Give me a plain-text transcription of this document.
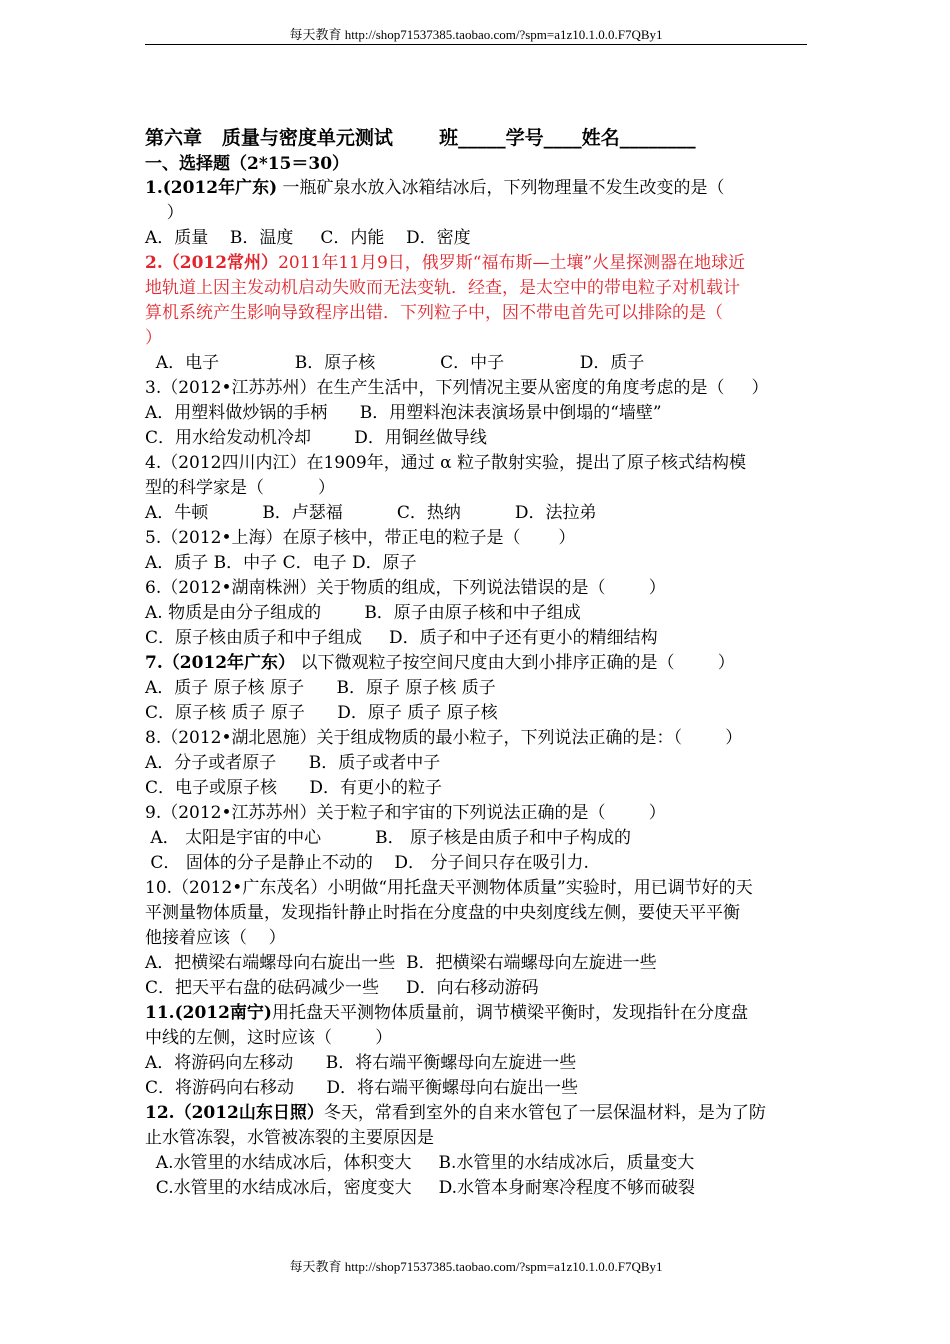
每天教育 http://shop71537385.taobao.com/?spm=a1z10.1.0.0.F7QBy1
第六章   质量与密度单元测试       班_____学号____姓名________
一、选择题（2*15＝30）
1.(2012年广东) 一瓶矿泉水放入冰箱结冰后，下列物理量不发生改变的是（
）
A．质量    B．温度     C．内能    D．密度
2.（2012常州）2011年11月9日，俄罗斯“福布斯—土壤”火星探测器在地球近
地轨道上因主发动机启动失败而无法变轨．经查，是太空中的带电粒子对机载计
算机系统产生影响导致程序出错．下列粒子中，因不带电首先可以排除的是（
）
A．电子              B．原子核            C．中子              D．质子
3.（2012•江苏苏州）在生产生活中，下列情况主要从密度的角度考虑的是（     ）
A．用塑料做炒锅的手柄      B．用塑料泡沫表演场景中倒塌的“墙壁”
C．用水给发动机冷却        D．用铜丝做导线
4.（2012四川内江）在1909年，通过 α 粒子散射实验，提出了原子核式结构模
型的科学家是（          ）
A．牛顿          B．卢瑟福          C．热纳          D．法拉弟
5.（2012•上海）在原子核中，带正电的粒子是（       ）
A．质子 B．中子 C．电子 D．原子
6.（2012•湖南株洲）关于物质的组成，下列说法错误的是（        ）
A. 物质是由分子组成的        B．原子由原子核和中子组成
C．原子核由质子和中子组成     D．质子和中子还有更小的精细结构
7.（2012年广东） 以下微观粒子按空间尺度由大到小排序正确的是（        ）
A．质子 原子核 原子      B．原子 原子核 质子
C．原子核 质子 原子      D．原子 质子 原子核
8.（2012•湖北恩施）关于组成物质的最小粒子，下列说法正确的是：（        ）
A．分子或者原子      B．质子或者中子
C．电子或原子核      D．有更小的粒子
9.（2012•江苏苏州）关于粒子和宇宙的下列说法正确的是（        ）
A． 太阳是宇宙的中心          B． 原子核是由质子和中子构成的
C． 固体的分子是静止不动的    D． 分子间只存在吸引力.
10.（2012•广东茂名）小明做“用托盘天平测物体质量”实验时，用已调节好的天
平测量物体质量，发现指针静止时指在分度盘的中央刻度线左侧，要使天平平衡
他接着应该（    ）
A．把横梁右端螺母向右旋出一些  B．把横梁右端螺母向左旋进一些
C．把天平右盘的砝码减少一些     D．向右移动游码
11.(2012南宁)用托盘天平测物体质量前，调节横梁平衡时，发现指针在分度盘
中线的左侧，这时应该（        ）
A．将游码向左移动      B．将右端平衡螺母向左旋进一些
C．将游码向右移动      D．将右端平衡螺母向右旋出一些
12.（2012山东日照）冬天，常看到室外的自来水管包了一层保温材料，是为了防
止水管冻裂，水管被冻裂的主要原因是
A.水管里的水结成冰后，体积变大     B.水管里的水结成冰后，质量变大
C.水管里的水结成冰后，密度变大     D.水管本身耐寒冷程度不够而破裂
每天教育 http://shop71537385.taobao.com/?spm=a1z10.1.0.0.F7QBy1
